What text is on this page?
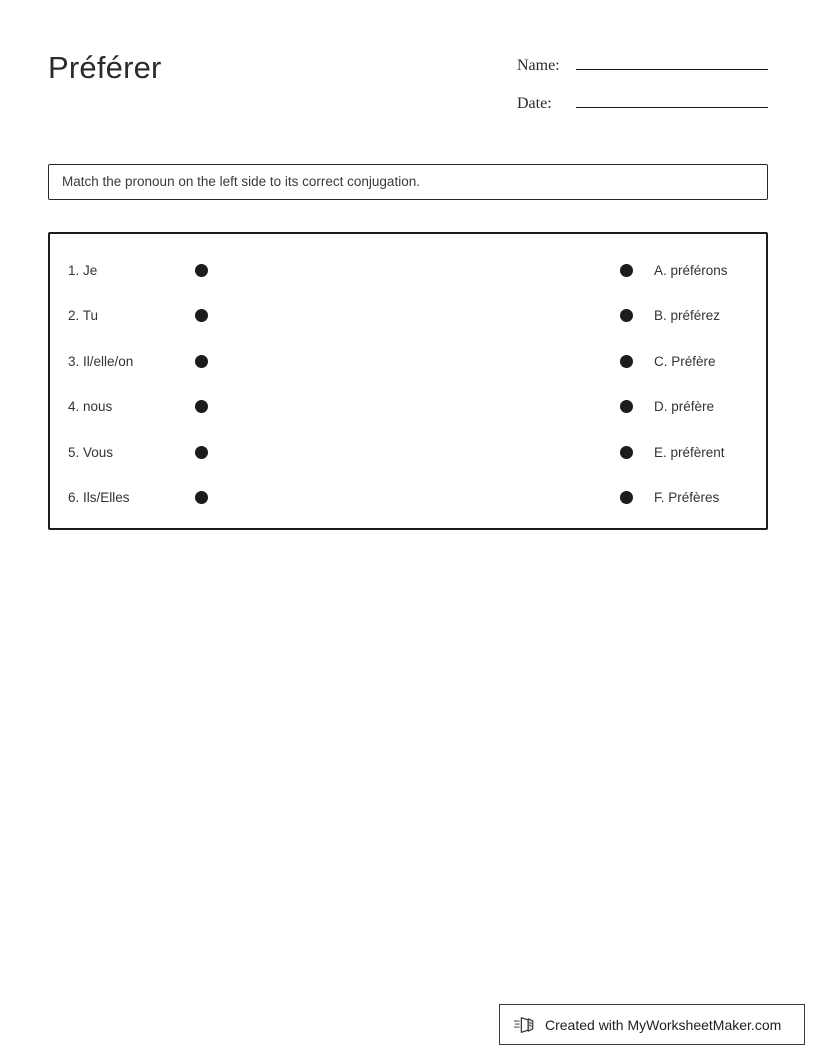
Préférer	Name:
Date:
Match the pronoun on the left side to its correct conjugation.
1. Je	A. préférons
2. Tu	B. préférez
3. Il/elle/on	C. Préfère
4. nous	D. préfère
5. Vous	E. préfèrent
6. Ils/Elles	F. Préfères
Created with MyWorksheetMaker.com
